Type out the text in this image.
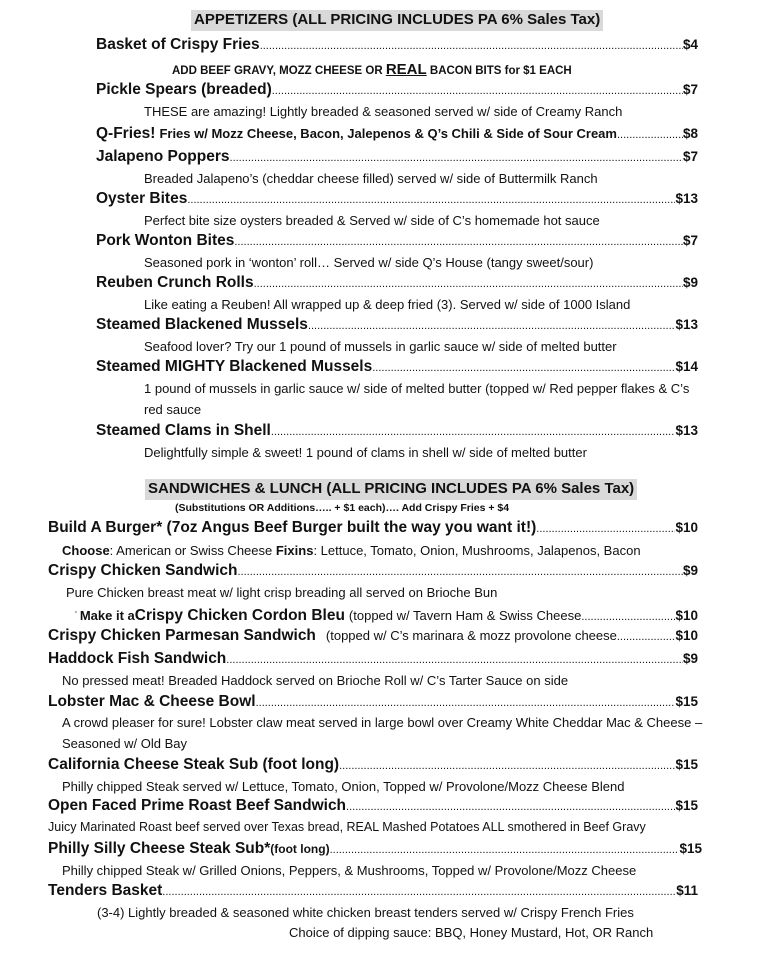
APPETIZERS (ALL PRICING INCLUDES PA 6% Sales Tax)
Basket of Crispy Fries .....	$4
ADD BEEF GRAVY, MOZZ CHEESE OR REAL BACON BITS for $1 EACH
Pickle Spears (breaded) .....	$7
THESE are amazing! Lightly breaded & seasoned served w/ side of Creamy Ranch
Q-Fries! Fries w/ Mozz Cheese, Bacon, Jalepenos & Q’s Chili & Side of Sour Cream .....	$8
Jalapeno Poppers .....	$7
Breaded Jalapeno’s (cheddar cheese filled) served w/ side of Buttermilk Ranch
Oyster Bites .....	$13
Perfect bite size oysters breaded & Served w/ side of C’s homemade hot sauce
Pork Wonton Bites .....	$7
Seasoned pork in ‘wonton’ roll… Served w/ side Q’s House (tangy sweet/sour)
Reuben Crunch Rolls .....	$9
Like eating a Reuben! All wrapped up & deep fried (3). Served w/ side of 1000 Island
Steamed Blackened Mussels .....	$13
Seafood lover? Try our 1 pound of mussels in garlic sauce w/ side of melted butter
Steamed MIGHTY Blackened Mussels .....	$14
1 pound of mussels in garlic sauce w/ side of melted butter (topped w/ Red pepper flakes & C’s red sauce
Steamed Clams in Shell .....	$13
Delightfully simple & sweet! 1 pound of clams in shell w/ side of melted butter
SANDWICHES & LUNCH (ALL PRICING INCLUDES PA 6% Sales Tax)
(Substitutions OR Additions….. + $1 each)…. Add Crispy Fries + $4
Build A Burger* (7oz Angus Beef Burger built the way you want it!) .....	$10
Choose: American or Swiss Cheese Fixins: Lettuce, Tomato, Onion, Mushrooms, Jalapenos, Bacon
Crispy Chicken Sandwich .....	$9
Pure Chicken breast meat w/ light crisp breading all served on Brioche Bun
Make it a Crispy Chicken Cordon Bleu (topped w/ Tavern Ham & Swiss Cheese .....	$10
Crispy Chicken Parmesan Sandwich (topped w/ C’s marinara & mozz provolone cheese .....	$10
Haddock Fish Sandwich .....	$9
No pressed meat! Breaded Haddock served on Brioche Roll w/ C’s Tarter Sauce on side
Lobster Mac & Cheese Bowl .....	$15
A crowd pleaser for sure! Lobster claw meat served in large bowl over Creamy White Cheddar Mac & Cheese – Seasoned w/ Old Bay
California Cheese Steak Sub (foot long) .....	$15
Philly chipped Steak served w/ Lettuce, Tomato, Onion, Topped w/ Provolone/Mozz Cheese Blend
Open Faced Prime Roast Beef Sandwich .....	$15
Juicy Marinated Roast beef served over Texas bread, REAL Mashed Potatoes ALL smothered in Beef Gravy
Philly Silly Cheese Steak Sub* (foot long) .....	$15
Philly chipped Steak w/ Grilled Onions, Peppers, & Mushrooms, Topped w/ Provolone/Mozz Cheese
Tenders Basket .....	$11
(3-4) Lightly breaded & seasoned white chicken breast tenders served w/ Crispy French Fries
Choice of dipping sauce: BBQ, Honey Mustard, Hot, OR Ranch
